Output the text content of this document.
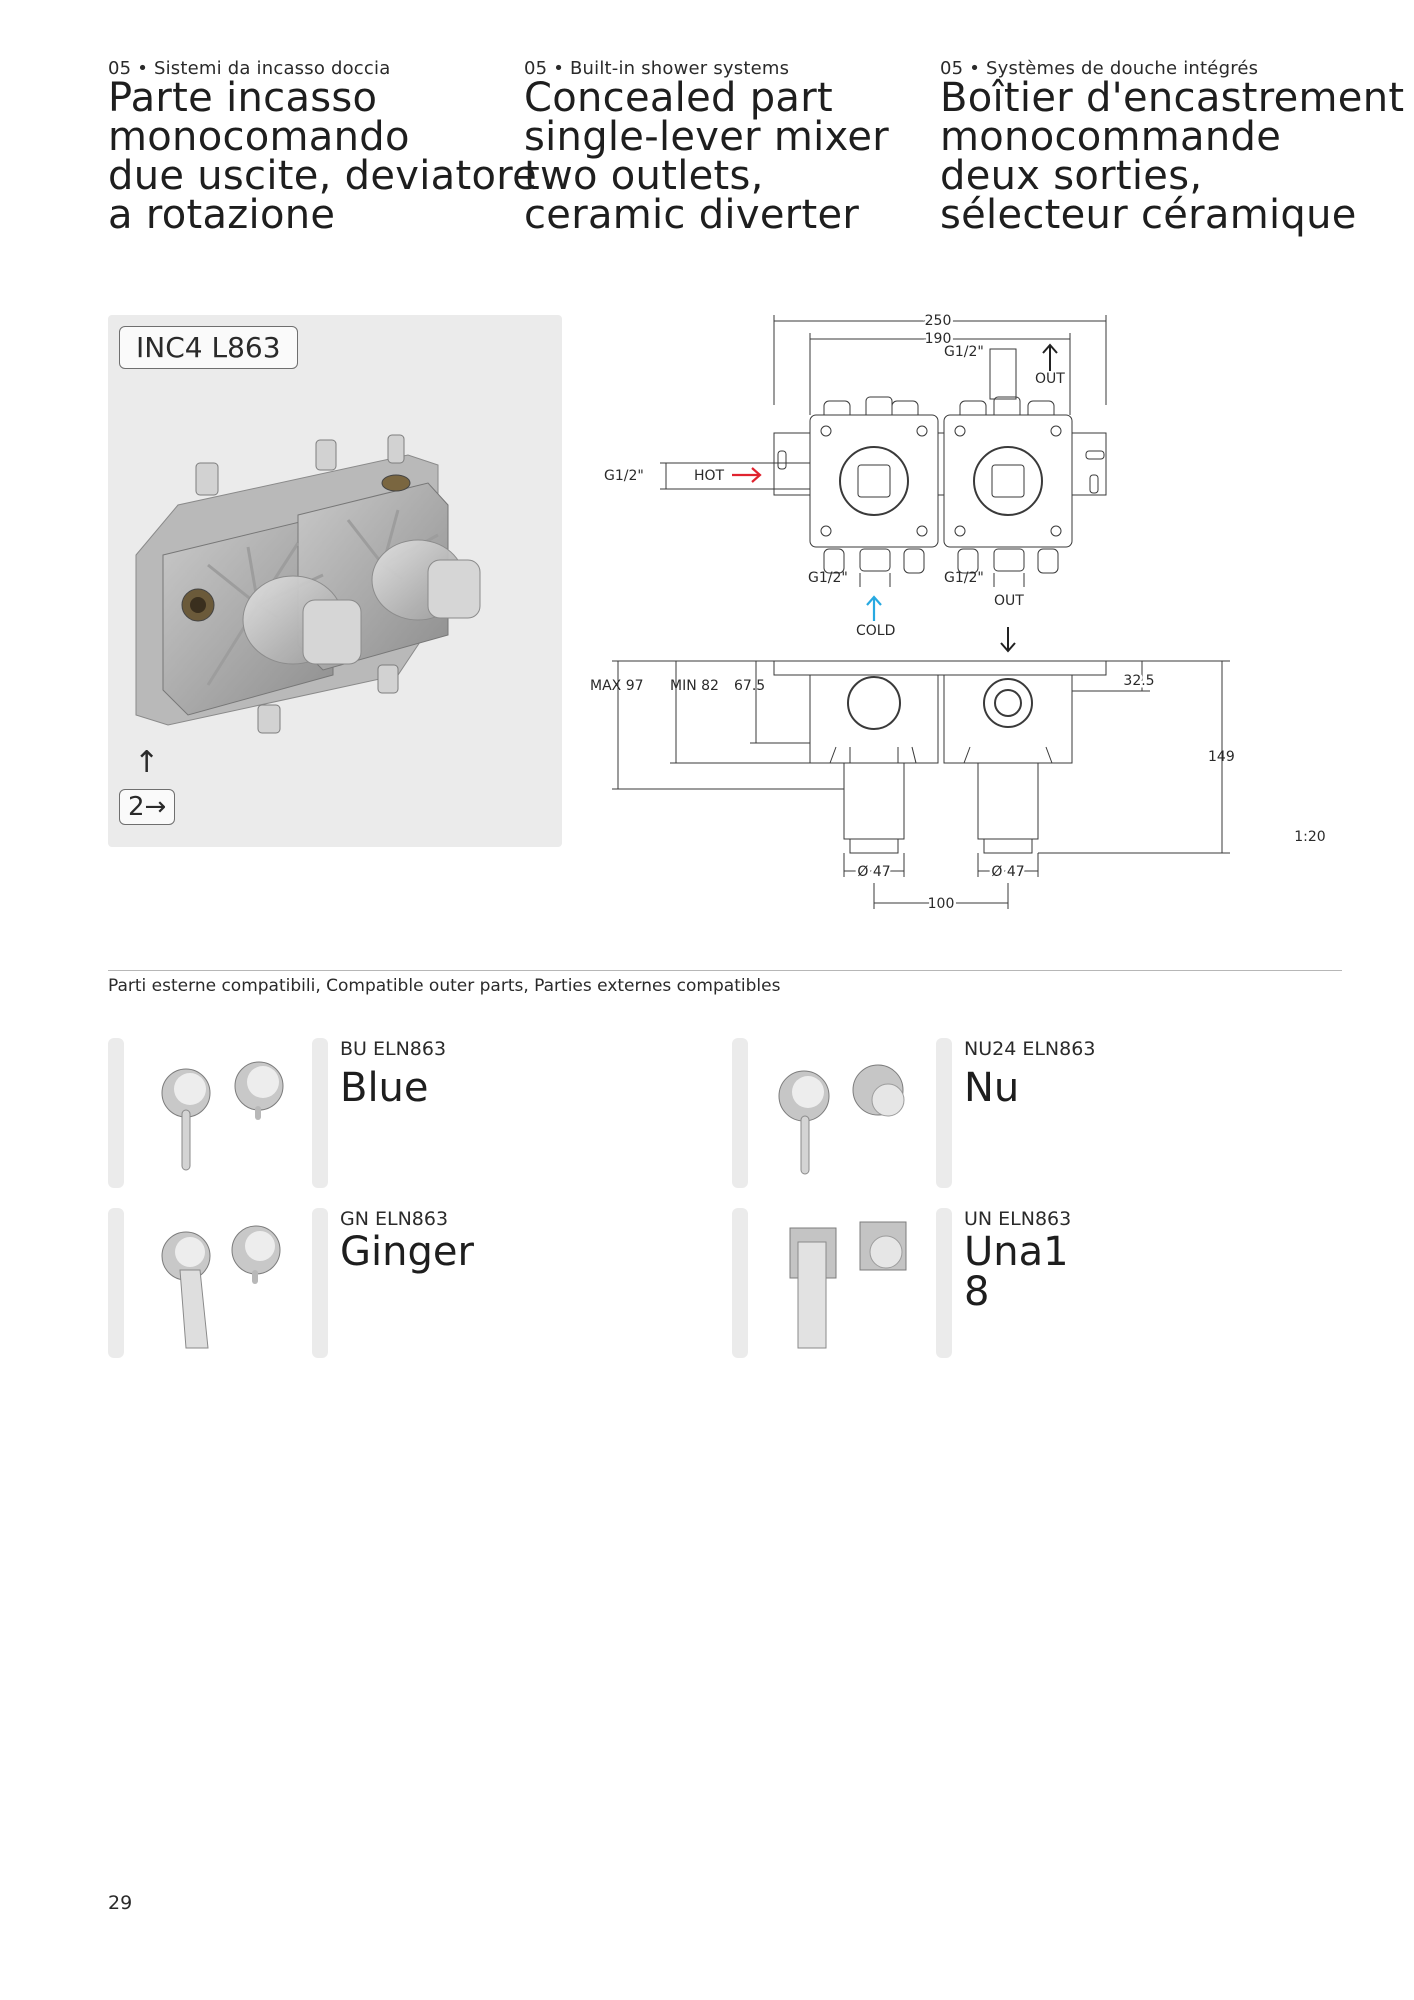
05 • Sistemi da incasso doccia
Parte incasso
monocomando
due uscite, deviatore
a rotazione
05 • Built-in shower systems
Concealed part
single-lever mixer
two outlets,
ceramic diverter
05 • Systèmes de douche intégrés
Boîtier d'encastrement
monocommande
deux sorties,
sélecteur céramique
INC4 L863
↑
2→
250
190
G1/2"
OUT
G1/2"	HOT
G1/2"	G1/2"
OUT
COLD
MAX 97 MIN 82 67.5	32.5
149
Ø 47	Ø 47
100
1:20
Parti esterne compatibili, Compatible outer parts, Parties externes compatibles
BU ELN863
Blue
NU24 ELN863
Nu
GN ELN863
Ginger
UN ELN863
Una1
8
29
